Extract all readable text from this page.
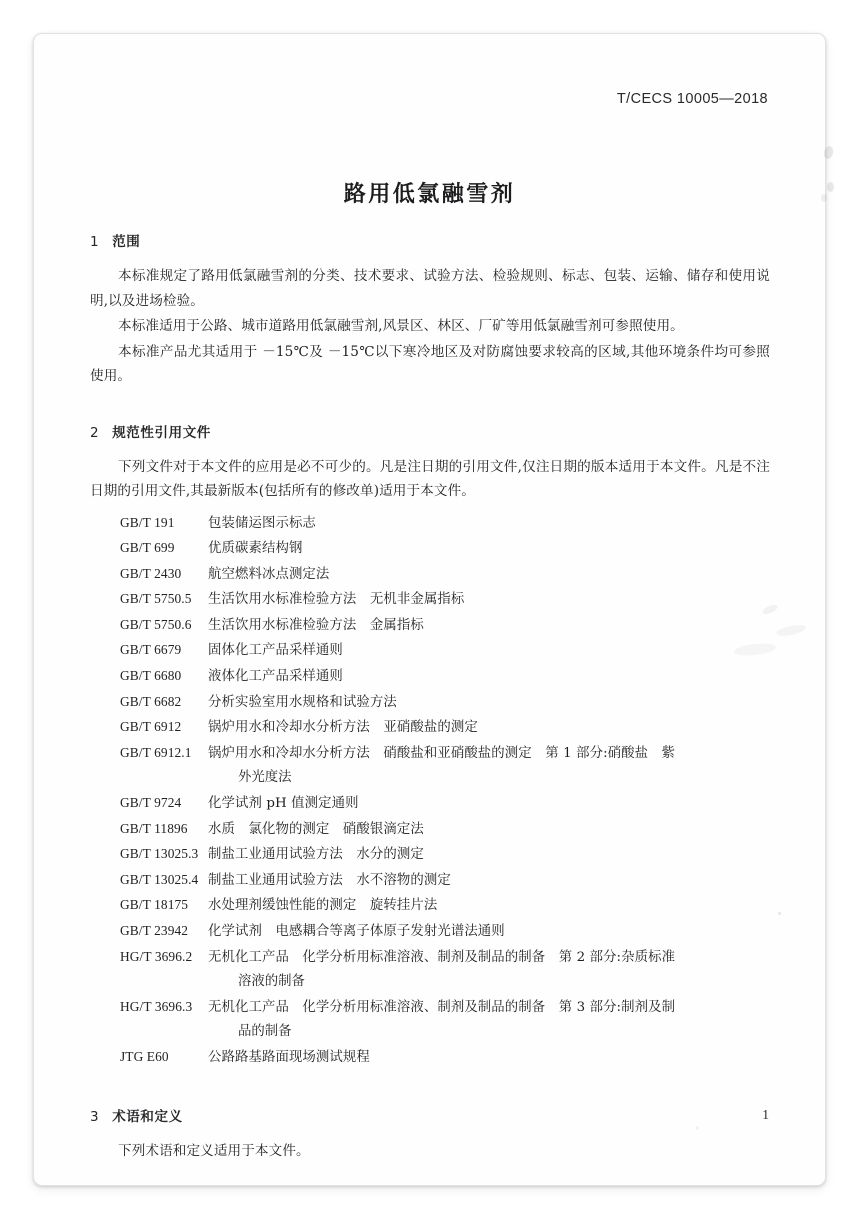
T/CECS 10005—2018
路用低氯融雪剂
1 范围

本标准规定了路用低氯融雪剂的分类、技术要求、试验方法、检验规则、标志、包装、运输、储存和使用说明,以及进场检验。

本标准适用于公路、城市道路用低氯融雪剂,风景区、林区、厂矿等用低氯融雪剂可参照使用。

本标准产品尤其适用于 －15℃及 －15℃以下寒冷地区及对防腐蚀要求较高的区域,其他环境条件均可参照使用。

2 规范性引用文件

下列文件对于本文件的应用是必不可少的。凡是注日期的引用文件,仅注日期的版本适用于本文件。凡是不注日期的引用文件,其最新版本(包括所有的修改单)适用于本文件。

GB/T 191	包装储运图示标志
GB/T 699	优质碳素结构钢
GB/T 2430	航空燃料冰点测定法
GB/T 5750.5	生活饮用水标准检验方法　无机非金属指标
GB/T 5750.6	生活饮用水标准检验方法　金属指标
GB/T 6679	固体化工产品采样通则
GB/T 6680	液体化工产品采样通则
GB/T 6682	分析实验室用水规格和试验方法
GB/T 6912	锅炉用水和冷却水分析方法　亚硝酸盐的测定
GB/T 6912.1	锅炉用水和冷却水分析方法　硝酸盐和亚硝酸盐的测定　第 1 部分:硝酸盐　紫
外光度法
GB/T 9724	化学试剂 pH 值测定通则
GB/T 11896	水质　氯化物的测定　硝酸银滴定法
GB/T 13025.3 制盐工业通用试验方法　水分的测定
GB/T 13025.4 制盐工业通用试验方法　水不溶物的测定
GB/T 18175	水处理剂缓蚀性能的测定　旋转挂片法
GB/T 23942	化学试剂　电感耦合等离子体原子发射光谱法通则
HG/T 3696.2	无机化工产品　化学分析用标准溶液、制剂及制品的制备　第 2 部分:杂质标准
溶液的制备
HG/T 3696.3	无机化工产品　化学分析用标准溶液、制剂及制品的制备　第 3 部分:制剂及制
品的制备
JTG E60	公路路基路面现场测试规程
3 术语和定义

下列术语和定义适用于本文件。

1
